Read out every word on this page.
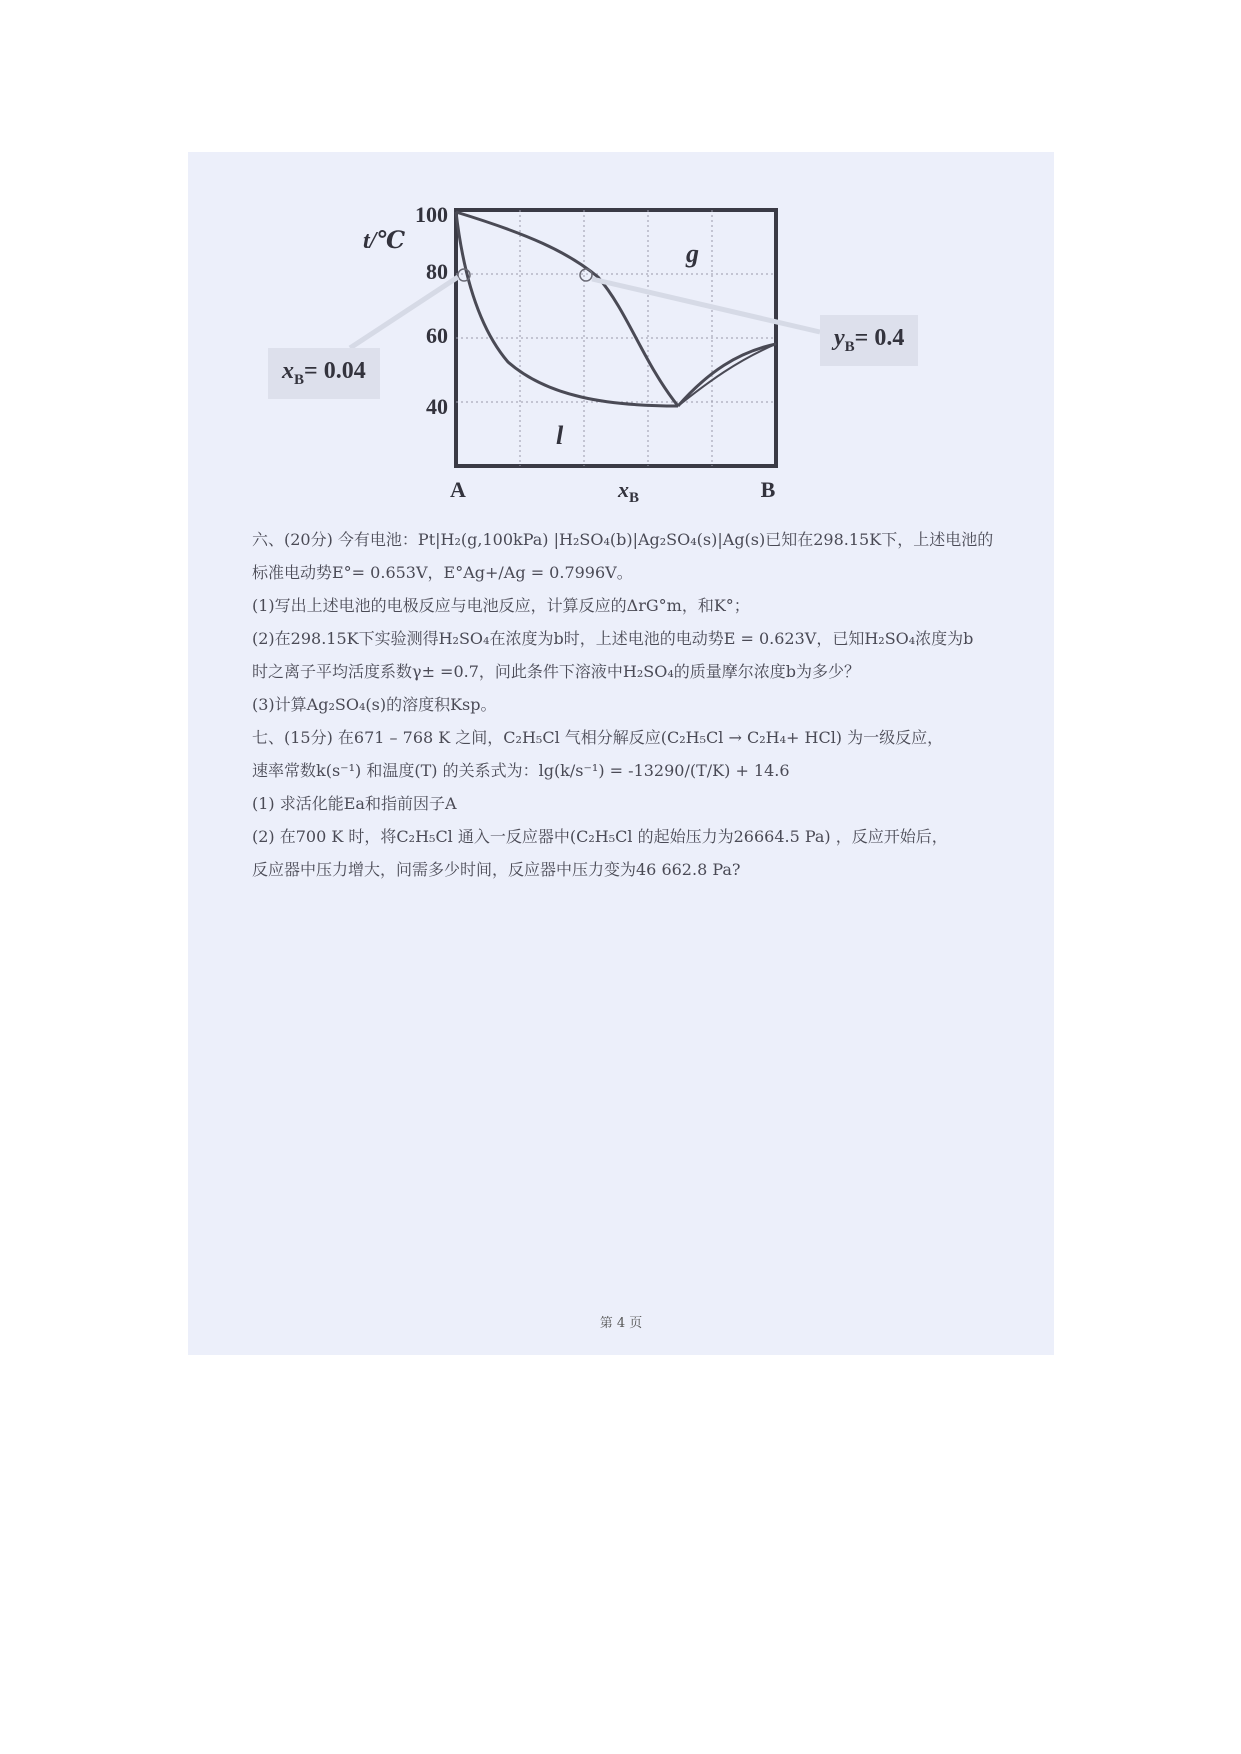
t/℃
100
80
60
40
A	B
$x_B$
g
l
$x_B= 0.04$
$y_B= 0.4$
六、(20分) 今有电池：Pt|H₂(g,100kPa) |H₂SO₄(b)|Ag₂SO₄(s)|Ag(s)已知在298.15K下，上述电池的
标准电动势E°= 0.653V，E°Ag+/Ag = 0.7996V。
(1)写出上述电池的电极反应与电池反应，计算反应的ΔrG°m，和K°；
(2)在298.15K下实验测得H₂SO₄在浓度为b时，上述电池的电动势E = 0.623V，已知H₂SO₄浓度为b
时之离子平均活度系数γ± =0.7，问此条件下溶液中H₂SO₄的质量摩尔浓度b为多少？
(3)计算Ag₂SO₄(s)的溶度积Ksp。
七、(15分) 在671 – 768 K 之间，C₂H₅Cl 气相分解反应(C₂H₅Cl → C₂H₄+ HCl) 为一级反应，
速率常数k(s⁻¹) 和温度(T) 的关系式为：lg(k/s⁻¹) = -13290/(T/K) + 14.6
(1) 求活化能Ea和指前因子A
(2) 在700 K 时，将C₂H₅Cl 通入一反应器中(C₂H₅Cl 的起始压力为26664.5 Pa) ，反应开始后，
反应器中压力增大，问需多少时间，反应器中压力变为46 662.8 Pa?
第 4 页
